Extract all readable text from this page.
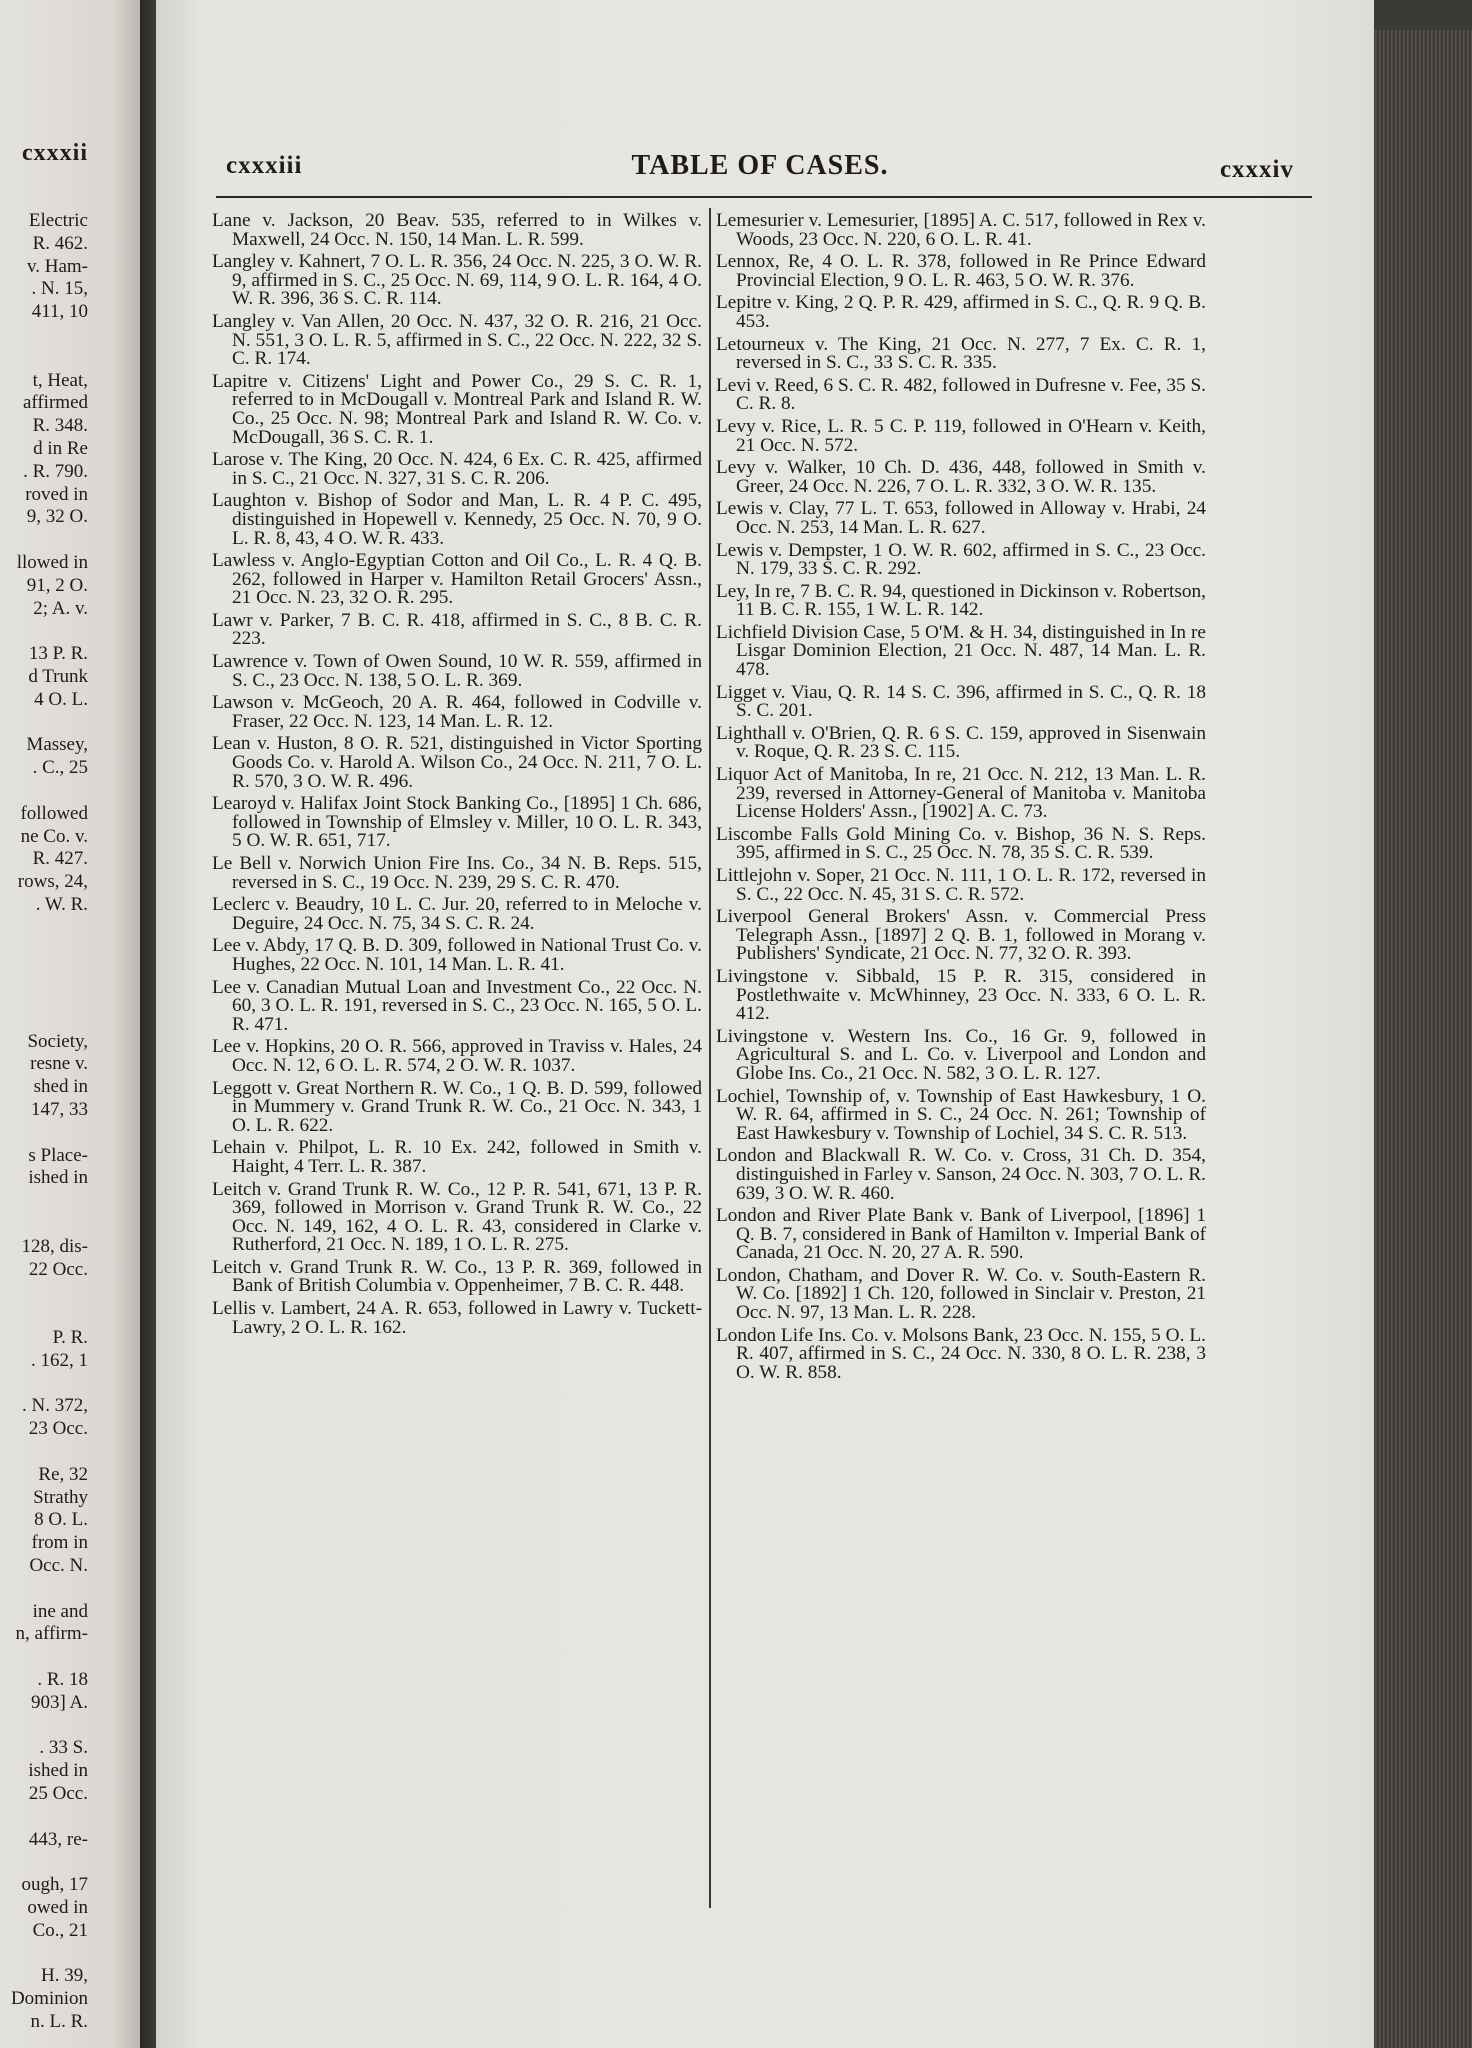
cxxxii
Electric
R. 462.
v. Ham-
. N. 15,
411, 10
t, Heat,
affirmed
R. 348.
d in Re
. R. 790.
roved in
9, 32 O.
llowed in
91, 2 O.
2; A. v.
13 P. R.
d Trunk
4 O. L.
Massey,
. C., 25
followed
ne Co. v.
R. 427.
rows, 24,
. W. R.
Society,
resne v.
shed in
147, 33
s Place-
ished in
128, dis-
22 Occ.
P. R.
. 162, 1
. N. 372,
23 Occ.
Re, 32
Strathy
8 O. L.
from in
Occ. N.
ine and
n, affirm-
. R. 18
903] A.
. 33 S.
ished in
25 Occ.
443, re-
ough, 17
owed in
Co., 21
H. 39,
Dominion
n. L. R.
cxxxiii	TABLE OF CASES.	cxxxiv
Lane v. Jackson, 20 Beav. 535, referred to in Wilkes v. Maxwell, 24 Occ. N. 150, 14 Man. L. R. 599.
Langley v. Kahnert, 7 O. L. R. 356, 24 Occ. N. 225, 3 O. W. R. 9, affirmed in S. C., 25 Occ. N. 69, 114, 9 O. L. R. 164, 4 O. W. R. 396, 36 S. C. R. 114.
Langley v. Van Allen, 20 Occ. N. 437, 32 O. R. 216, 21 Occ. N. 551, 3 O. L. R. 5, affirmed in S. C., 22 Occ. N. 222, 32 S. C. R. 174.
Lapitre v. Citizens' Light and Power Co., 29 S. C. R. 1, referred to in McDougall v. Montreal Park and Island R. W. Co., 25 Occ. N. 98; Montreal Park and Island R. W. Co. v. McDougall, 36 S. C. R. 1.
Larose v. The King, 20 Occ. N. 424, 6 Ex. C. R. 425, affirmed in S. C., 21 Occ. N. 327, 31 S. C. R. 206.
Laughton v. Bishop of Sodor and Man, L. R. 4 P. C. 495, distinguished in Hopewell v. Kennedy, 25 Occ. N. 70, 9 O. L. R. 8, 43, 4 O. W. R. 433.
Lawless v. Anglo-Egyptian Cotton and Oil Co., L. R. 4 Q. B. 262, followed in Harper v. Hamilton Retail Grocers' Assn., 21 Occ. N. 23, 32 O. R. 295.
Lawr v. Parker, 7 B. C. R. 418, affirmed in S. C., 8 B. C. R. 223.
Lawrence v. Town of Owen Sound, 10 W. R. 559, affirmed in S. C., 23 Occ. N. 138, 5 O. L. R. 369.
Lawson v. McGeoch, 20 A. R. 464, followed in Codville v. Fraser, 22 Occ. N. 123, 14 Man. L. R. 12.
Lean v. Huston, 8 O. R. 521, distinguished in Victor Sporting Goods Co. v. Harold A. Wilson Co., 24 Occ. N. 211, 7 O. L. R. 570, 3 O. W. R. 496.
Learoyd v. Halifax Joint Stock Banking Co., [1895] 1 Ch. 686, followed in Township of Elmsley v. Miller, 10 O. L. R. 343, 5 O. W. R. 651, 717.
Le Bell v. Norwich Union Fire Ins. Co., 34 N. B. Reps. 515, reversed in S. C., 19 Occ. N. 239, 29 S. C. R. 470.
Leclerc v. Beaudry, 10 L. C. Jur. 20, referred to in Meloche v. Deguire, 24 Occ. N. 75, 34 S. C. R. 24.
Lee v. Abdy, 17 Q. B. D. 309, followed in National Trust Co. v. Hughes, 22 Occ. N. 101, 14 Man. L. R. 41.
Lee v. Canadian Mutual Loan and Investment Co., 22 Occ. N. 60, 3 O. L. R. 191, reversed in S. C., 23 Occ. N. 165, 5 O. L. R. 471.
Lee v. Hopkins, 20 O. R. 566, approved in Traviss v. Hales, 24 Occ. N. 12, 6 O. L. R. 574, 2 O. W. R. 1037.
Leggott v. Great Northern R. W. Co., 1 Q. B. D. 599, followed in Mummery v. Grand Trunk R. W. Co., 21 Occ. N. 343, 1 O. L. R. 622.
Lehain v. Philpot, L. R. 10 Ex. 242, followed in Smith v. Haight, 4 Terr. L. R. 387.
Leitch v. Grand Trunk R. W. Co., 12 P. R. 541, 671, 13 P. R. 369, followed in Morrison v. Grand Trunk R. W. Co., 22 Occ. N. 149, 162, 4 O. L. R. 43, considered in Clarke v. Rutherford, 21 Occ. N. 189, 1 O. L. R. 275.
Leitch v. Grand Trunk R. W. Co., 13 P. R. 369, followed in Bank of British Columbia v. Oppenheimer, 7 B. C. R. 448.
Lellis v. Lambert, 24 A. R. 653, followed in Lawry v. Tuckett-Lawry, 2 O. L. R. 162.
Lemesurier v. Lemesurier, [1895] A. C. 517, followed in Rex v. Woods, 23 Occ. N. 220, 6 O. L. R. 41.
Lennox, Re, 4 O. L. R. 378, followed in Re Prince Edward Provincial Election, 9 O. L. R. 463, 5 O. W. R. 376.
Lepitre v. King, 2 Q. P. R. 429, affirmed in S. C., Q. R. 9 Q. B. 453.
Letourneux v. The King, 21 Occ. N. 277, 7 Ex. C. R. 1, reversed in S. C., 33 S. C. R. 335.
Levi v. Reed, 6 S. C. R. 482, followed in Dufresne v. Fee, 35 S. C. R. 8.
Levy v. Rice, L. R. 5 C. P. 119, followed in O'Hearn v. Keith, 21 Occ. N. 572.
Levy v. Walker, 10 Ch. D. 436, 448, followed in Smith v. Greer, 24 Occ. N. 226, 7 O. L. R. 332, 3 O. W. R. 135.
Lewis v. Clay, 77 L. T. 653, followed in Alloway v. Hrabi, 24 Occ. N. 253, 14 Man. L. R. 627.
Lewis v. Dempster, 1 O. W. R. 602, affirmed in S. C., 23 Occ. N. 179, 33 S. C. R. 292.
Ley, In re, 7 B. C. R. 94, questioned in Dickinson v. Robertson, 11 B. C. R. 155, 1 W. L. R. 142.
Lichfield Division Case, 5 O'M. & H. 34, distinguished in In re Lisgar Dominion Election, 21 Occ. N. 487, 14 Man. L. R. 478.
Ligget v. Viau, Q. R. 14 S. C. 396, affirmed in S. C., Q. R. 18 S. C. 201.
Lighthall v. O'Brien, Q. R. 6 S. C. 159, approved in Sisenwain v. Roque, Q. R. 23 S. C. 115.
Liquor Act of Manitoba, In re, 21 Occ. N. 212, 13 Man. L. R. 239, reversed in Attorney-General of Manitoba v. Manitoba License Holders' Assn., [1902] A. C. 73.
Liscombe Falls Gold Mining Co. v. Bishop, 36 N. S. Reps. 395, affirmed in S. C., 25 Occ. N. 78, 35 S. C. R. 539.
Littlejohn v. Soper, 21 Occ. N. 111, 1 O. L. R. 172, reversed in S. C., 22 Occ. N. 45, 31 S. C. R. 572.
Liverpool General Brokers' Assn. v. Commercial Press Telegraph Assn., [1897] 2 Q. B. 1, followed in Morang v. Publishers' Syndicate, 21 Occ. N. 77, 32 O. R. 393.
Livingstone v. Sibbald, 15 P. R. 315, considered in Postlethwaite v. McWhinney, 23 Occ. N. 333, 6 O. L. R. 412.
Livingstone v. Western Ins. Co., 16 Gr. 9, followed in Agricultural S. and L. Co. v. Liverpool and London and Globe Ins. Co., 21 Occ. N. 582, 3 O. L. R. 127.
Lochiel, Township of, v. Township of East Hawkesbury, 1 O. W. R. 64, affirmed in S. C., 24 Occ. N. 261; Township of East Hawkesbury v. Township of Lochiel, 34 S. C. R. 513.
London and Blackwall R. W. Co. v. Cross, 31 Ch. D. 354, distinguished in Farley v. Sanson, 24 Occ. N. 303, 7 O. L. R. 639, 3 O. W. R. 460.
London and River Plate Bank v. Bank of Liverpool, [1896] 1 Q. B. 7, considered in Bank of Hamilton v. Imperial Bank of Canada, 21 Occ. N. 20, 27 A. R. 590.
London, Chatham, and Dover R. W. Co. v. South-Eastern R. W. Co. [1892] 1 Ch. 120, followed in Sinclair v. Preston, 21 Occ. N. 97, 13 Man. L. R. 228.
London Life Ins. Co. v. Molsons Bank, 23 Occ. N. 155, 5 O. L. R. 407, affirmed in S. C., 24 Occ. N. 330, 8 O. L. R. 238, 3 O. W. R. 858.
